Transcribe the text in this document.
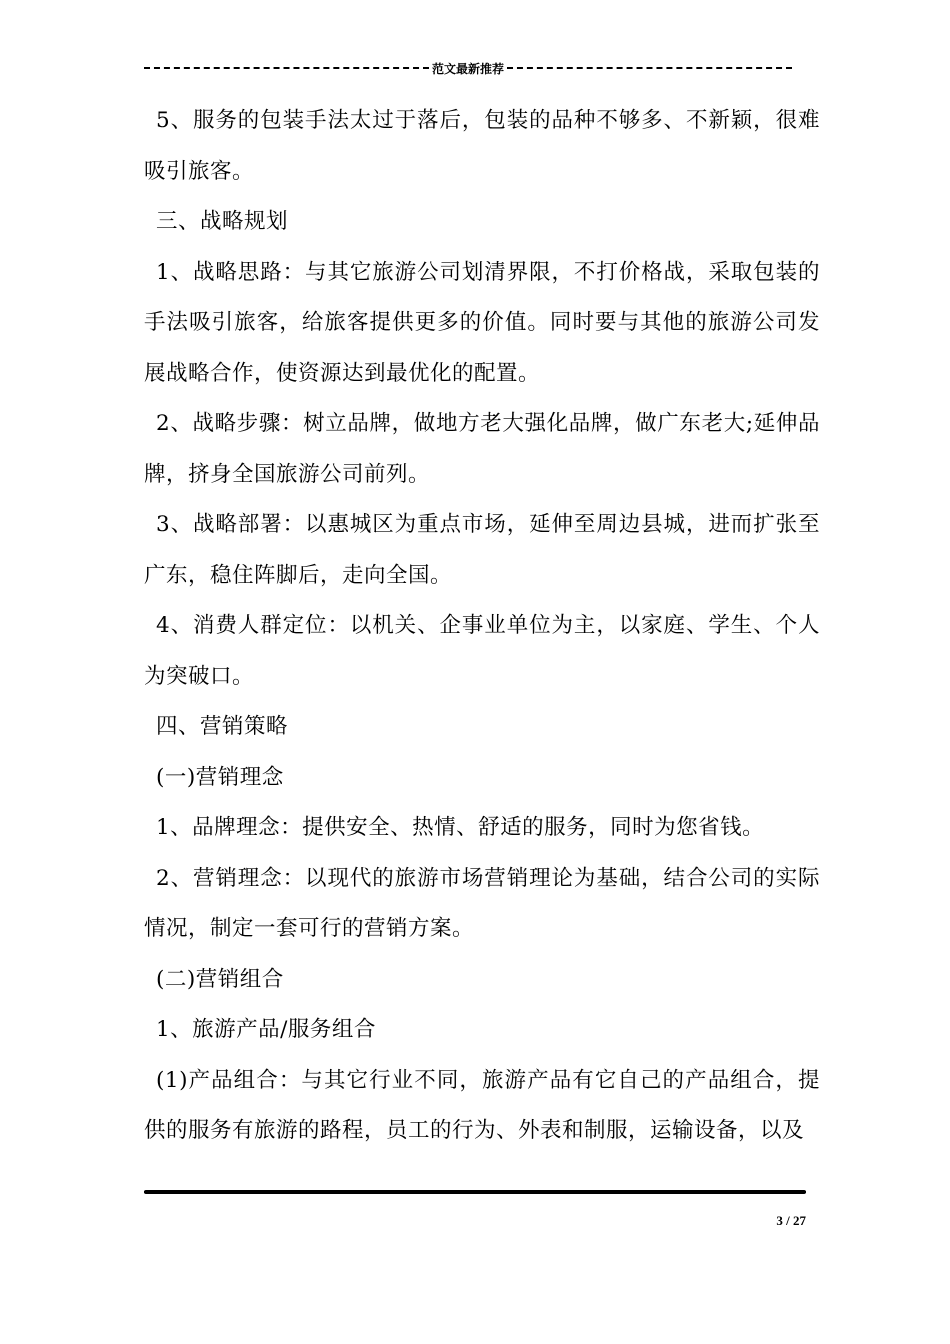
范文最新推荐

5、服务的包装手法太过于落后，包装的品种不够多、不新颖，很难吸引旅客。

三、战略规划

1、战略思路：与其它旅游公司划清界限，不打价格战，采取包装的手法吸引旅客，给旅客提供更多的价值。同时要与其他的旅游公司发展战略合作，使资源达到最优化的配置。

2、战略步骤：树立品牌，做地方老大强化品牌，做广东老大;延伸品牌，挤身全国旅游公司前列。

3、战略部署：以惠城区为重点市场，延伸至周边县城，进而扩张至广东，稳住阵脚后，走向全国。

4、消费人群定位：以机关、企事业单位为主，以家庭、学生、个人为突破口。

四、营销策略

(一)营销理念

1、品牌理念：提供安全、热情、舒适的服务，同时为您省钱。

2、营销理念：以现代的旅游市场营销理论为基础，结合公司的实际情况，制定一套可行的营销方案。

(二)营销组合

1、旅游产品/服务组合

(1)产品组合：与其它行业不同，旅游产品有它自己的产品组合，提供的服务有旅游的路程，员工的行为、外表和制服，运输设备，以及

3 / 27
